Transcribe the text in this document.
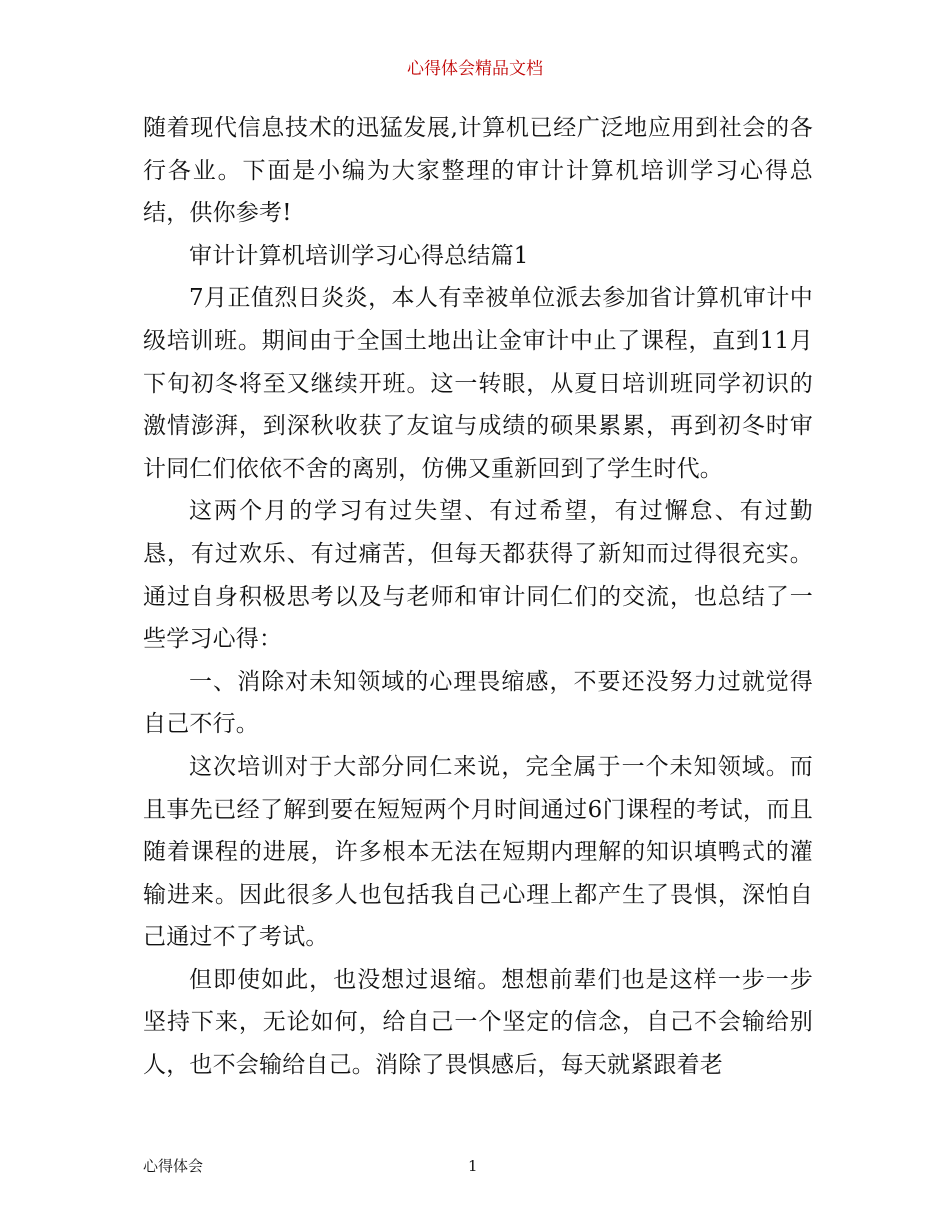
心得体会精品文档

随着现代信息技术的迅猛发展,计算机已经广泛地应用到社会的各行各业。下面是小编为大家整理的审计计算机培训学习心得总结，供你参考!

审计计算机培训学习心得总结篇1

7月正值烈日炎炎，本人有幸被单位派去参加省计算机审计中级培训班。期间由于全国土地出让金审计中止了课程，直到11月下旬初冬将至又继续开班。这一转眼，从夏日培训班同学初识的激情澎湃，到深秋收获了友谊与成绩的硕果累累，再到初冬时审计同仁们依依不舍的离别，仿佛又重新回到了学生时代。

这两个月的学习有过失望、有过希望，有过懈怠、有过勤恳，有过欢乐、有过痛苦，但每天都获得了新知而过得很充实。通过自身积极思考以及与老师和审计同仁们的交流，也总结了一些学习心得：

一、消除对未知领域的心理畏缩感，不要还没努力过就觉得自己不行。

这次培训对于大部分同仁来说，完全属于一个未知领域。而且事先已经了解到要在短短两个月时间通过6门课程的考试，而且随着课程的进展，许多根本无法在短期内理解的知识填鸭式的灌输进来。因此很多人也包括我自己心理上都产生了畏惧，深怕自己通过不了考试。

但即使如此，也没想过退缩。想想前辈们也是这样一步一步坚持下来，无论如何，给自己一个坚定的信念，自己不会输给别人，也不会输给自己。消除了畏惧感后，每天就紧跟着老

心得体会	1
